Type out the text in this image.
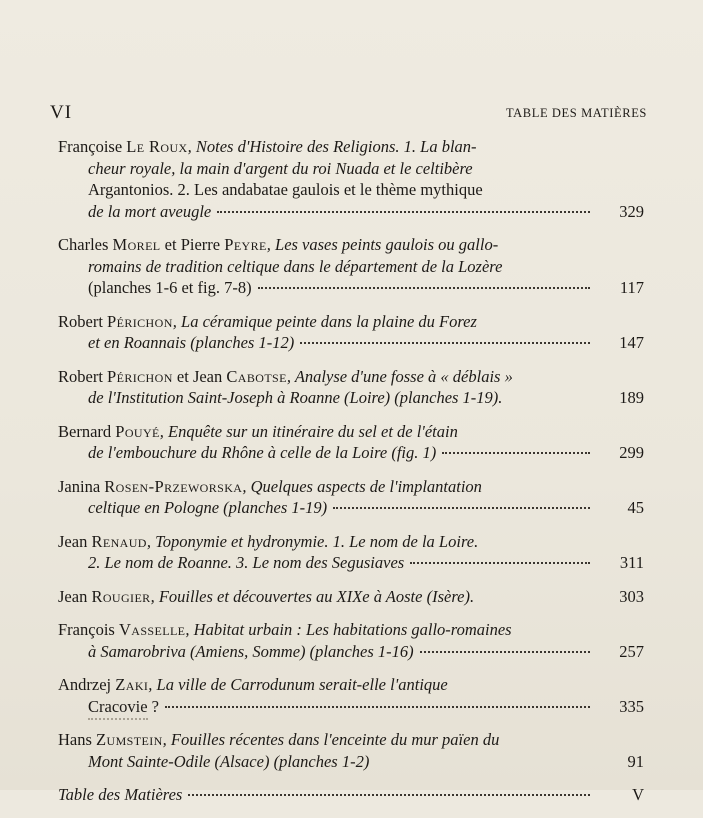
VI	TABLE DES MATIÈRES
Françoise Le Roux, Notes d'Histoire des Religions. 1. La blan-
cheur royale, la main d'argent du roi Nuada et le celtibère
Argantonios. 2. Les andabatae gaulois et le thème mythique
de la mort aveugle	329
Charles Morel et Pierre Peyre, Les vases peints gaulois ou gallo-
romains de tradition celtique dans le département de la Lozère
(planches 1-6 et fig. 7-8)	117
Robert Périchon, La céramique peinte dans la plaine du Forez
et en Roannais (planches 1-12)	147
Robert Périchon et Jean Cabotse, Analyse d'une fosse à « déblais »
de l'Institution Saint-Joseph à Roanne (Loire) (planches 1-19).	189
Bernard Pouyé, Enquête sur un itinéraire du sel et de l'étain
de l'embouchure du Rhône à celle de la Loire (fig. 1)	299
Janina Rosen-Przeworska, Quelques aspects de l'implantation
celtique en Pologne (planches 1-19)	45
Jean Renaud, Toponymie et hydronymie. 1. Le nom de la Loire.
2. Le nom de Roanne. 3. Le nom des Segusiaves	311
Jean Rougier, Fouilles et découvertes au XIXe à Aoste (Isère).	303
François Vasselle, Habitat urbain : Les habitations gallo-romaines
à Samarobriva (Amiens, Somme) (planches 1-16)	257
Andrzej Zaki, La ville de Carrodunum serait-elle l'antique
Cracovie ?	335
Hans Zumstein, Fouilles récentes dans l'enceinte du mur païen du
Mont Sainte-Odile (Alsace) (planches 1-2)	91
Table des Matières	V
